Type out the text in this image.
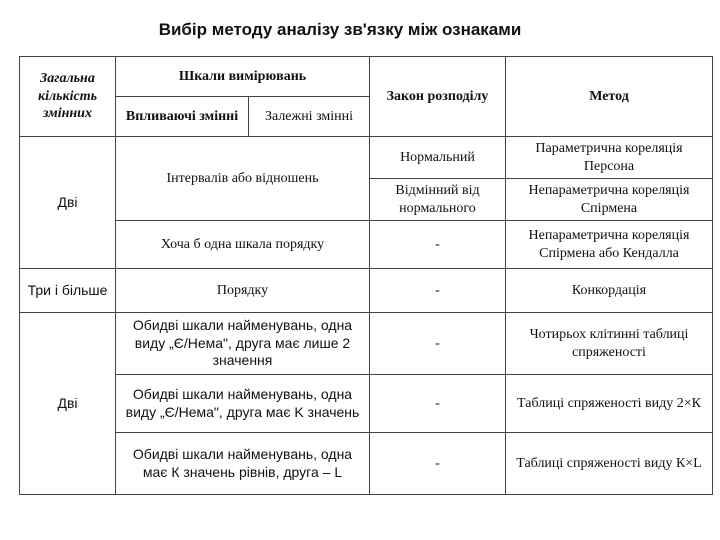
Вибір методу аналізу зв'язку між ознаками
Загальна кількість змінних	Шкали вимірювань		Закон розподілу	Метод
	Впливаючі змінні	Залежні змінні		
Дві	Інтервалів або відношень		Нормальний	Параметрична кореляція Персона
			Відмінний від нормального	Непараметрична кореляція Спірмена
	Хоча б одна шкала порядку		-	Непараметрична кореляція Спірмена або Кендалла
Три і більше	Порядку		-	Конкордація
Дві	Обидві шкали найменувань, одна виду „Є/Нема", друга має лише 2 значення		-	Чотирьох клітинні таблиці спряженості
	Обидві шкали найменувань, одна виду „Є/Нема", друга має K значень		-	Таблиці спряженості виду 2×К
	Обидві шкали найменувань, одна має К значень рівнів, друга – L		-	Таблиці спряженості виду К×L
